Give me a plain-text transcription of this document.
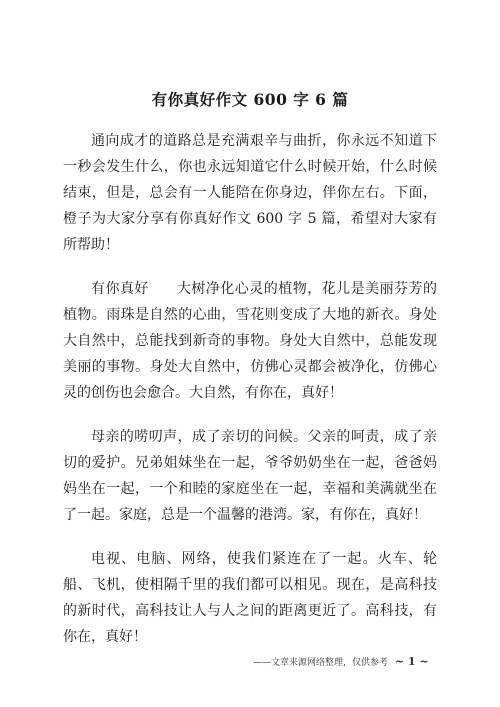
有你真好作文 600 字 6 篇

通向成才的道路总是充满艰辛与曲折，你永远不知道下一秒会发生什么，你也永远知道它什么时候开始，什么时候结束，但是，总会有一人能陪在你身边，伴你左右。下面，橙子为大家分享有你真好作文 600 字 5 篇，希望对大家有所帮助！

有你真好 大树净化心灵的植物，花儿是美丽芬芳的植物。雨珠是自然的心曲，雪花则变成了大地的新衣。身处大自然中，总能找到新奇的事物。身处大自然中，总能发现美丽的事物。身处大自然中，仿佛心灵都会被净化，仿佛心灵的创伤也会愈合。大自然，有你在，真好！

母亲的唠叨声，成了亲切的问候。父亲的呵责，成了亲切的爱护。兄弟姐妹坐在一起，爷爷奶奶坐在一起，爸爸妈妈坐在一起，一个和睦的家庭坐在一起，幸福和美满就坐在了一起。家庭，总是一个温馨的港湾。家，有你在，真好！

电视、电脑、网络，使我们紧连在了一起。火车、轮船、飞机，使相隔千里的我们都可以相见。现在，是高科技的新时代，高科技让人与人之间的距离更近了。高科技，有你在，真好！

——文章来源网络整理，仅供参考 ~ 1 ~
